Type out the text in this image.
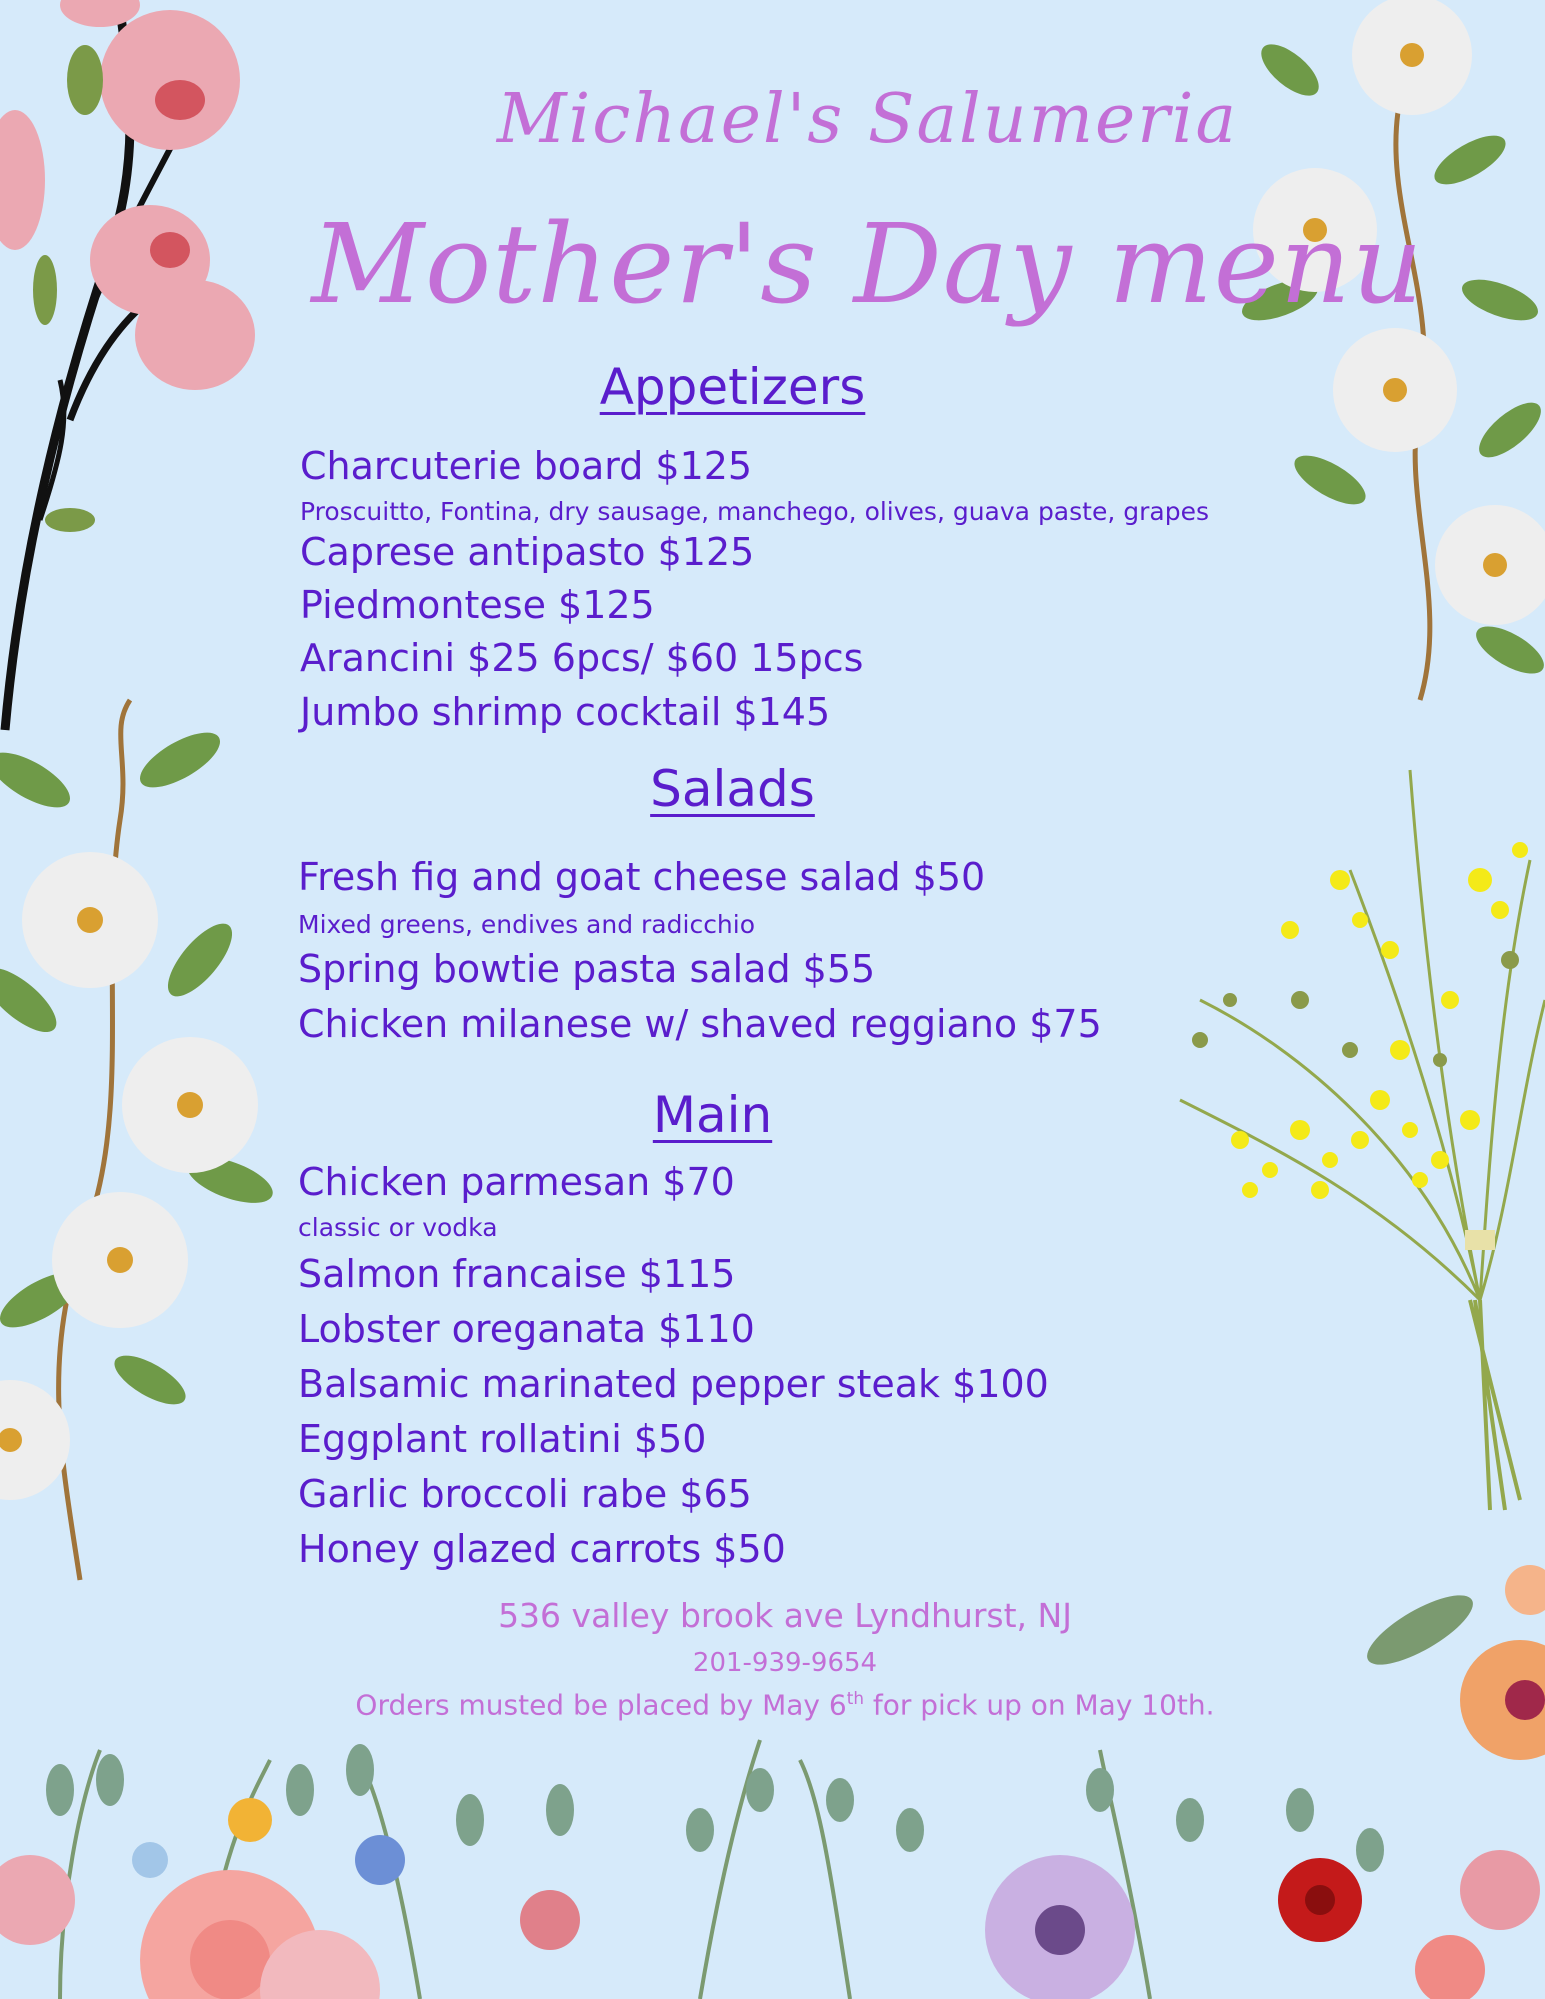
Michael's Salumeria
Mother's Day menu
Appetizers
Charcuterie board $125
Proscuitto, Fontina, dry sausage, manchego, olives, guava paste, grapes
Caprese antipasto $125
Piedmontese $125
Arancini $25 6pcs/ $60 15pcs
Jumbo shrimp cocktail $145
Salads
Fresh fig and goat cheese salad $50
Mixed greens, endives and radicchio
Spring bowtie pasta salad $55
Chicken milanese w/ shaved reggiano $75
Main
Chicken parmesan $70
classic or vodka
Salmon francaise $115
Lobster oreganata $110
Balsamic marinated pepper steak $100
Eggplant rollatini $50
Garlic broccoli rabe $65
Honey glazed carrots $50
536 valley brook ave Lyndhurst, NJ
201-939-9654
Orders musted be placed by May 6th for pick up on May 10th.
